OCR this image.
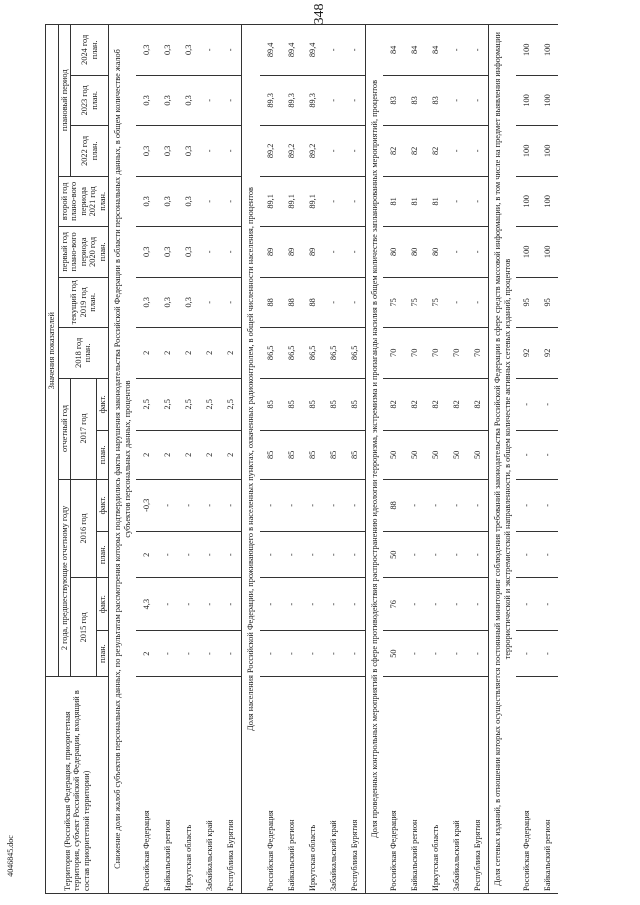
348
4046845.doc	Территория (Российская Федерация, приоритетная территория, субъект Российской Федерации, входящий в состав приоритетной территории)	Значения показателей												
	2 года, предшествующие отчетному году				отчетный год		2018 год план.	текущий год 2019 год план.	первый год плано-вого периода 2020 год план.	второй год плано-вого периода 2021 год план.	плановый период		
	2015 год		2016 год		2017 год						2022 год план.	2023 год план.	2024 год план.
	план.	факт.	план.	факт.	план.	факт.							
Снижение доли жалоб субъектов персональных данных, по результатам рассмотрения которых подтвердились факты нарушения законодательства Российской Федерации в области персональных данных, в общем количестве жалоб субъектов персональных данных, процентов													
Российская Федерация	2	4,3	2	-0,3	2	2,5	2	0,3	0,3	0,3	0,3	0,3	0,3
Байкальский регион	-	-	-	-	2	2,5	2	0,3	0,3	0,3	0,3	0,3	0,3
Иркутская область	-	-	-	-	2	2,5	2	0,3	0,3	0,3	0,3	0,3	0,3
Забайкальский край	-	-	-	-	2	2,5	2	-	-	-	-	-	-
Республика Бурятия	-	-	-	-	2	2,5	2	-	-	-	-	-	-
Доля населения Российской Федерации, проживающего в населенных пунктах, охваченных радиоконтролем, в общей численности населения, процентов													
Российская Федерация	-	-	-	-	85	85	86,5	88	89	89,1	89,2	89,3	89,4
Байкальский регион	-	-	-	-	85	85	86,5	88	89	89,1	89,2	89,3	89,4
Иркутская область	-	-	-	-	85	85	86,5	88	89	89,1	89,2	89,3	89,4
Забайкальский край	-	-	-	-	85	85	86,5	-	-	-	-	-	-
Республика Бурятия	-	-	-	-	85	85	86,5	-	-	-	-	-	-
Доля проведенных контрольных мероприятий в сфере противодействия распространению идеологии терроризма, экстремизма и пропаганды насилия в общем количестве запланированных мероприятий, процентов													
Российская Федерация	50	76	50	88	50	82	70	75	80	81	82	83	84
Байкальский регион	-	-	-	-	50	82	70	75	80	81	82	83	84
Иркутская область	-	-	-	-	50	82	70	75	80	81	82	83	84
Забайкальский край	-	-	-	-	50	82	70	-	-	-	-	-	-
Республика Бурятия	-	-	-	-	50	82	70	-	-	-	-	-	-
Доля сетевых изданий, в отношении которых осуществляется постоянный мониторинг соблюдения требований законодательства Российской Федерации в сфере средств массовой информации, в том числе на предмет выявления информации террористической и экстремистской направленности, в общем количестве активных сетевых изданий, процентов													
Российская Федерация	-	-	-	-	-	-	92	95	100	100	100	100	100
Байкальский регион	-	-	-	-	-	-	92	95	100	100	100	100	100
